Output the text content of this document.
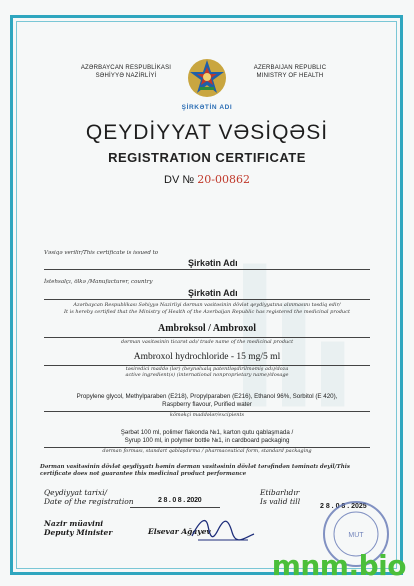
AZƏRBAYCAN RESPUBLİKASI
SƏHİYYƏ NAZİRLİYİ
AZERBAIJAN REPUBLIC
MINISTRY OF HEALTH
ŞİRKƏTİN ADI
QEYDİYYAT VƏSİQƏSİ
REGISTRATION CERTIFICATE
DV № 20-00862
Vəsiqə verilir/This certificate is issued to
Şirkətin Adı
İstehsalçı, ölkə /Manufacturer, country
Şirkətin Adı
Azərbaycan Respublikası Səhiyyə Nazirliyi dərman vasitəsinin dövlət qeydiyyatına alınmasını təsdiq edir/
It is hereby certified that the Ministry of Health of the Azerbaijan Republic has registered the medicinal product
Ambroksol / Ambroxol
dərman vasitəsinin ticarət adı/ trade name of the medicinal product
Ambroxol hydrochloride - 15 mg/5 ml
təsiredici maddə (lər) (beynəlxalq patentləşdirilməmiş adı)/doza
active ingredient(s) (international nonproprietary name)/dosage
Propylene glycol, Methylparaben (E218), Propylparaben (E216), Ethanol 96%, Sorbitol (E 420),
Raspberry flavour, Purified water
köməkçi maddələr/excipients
Şərbət 100 ml, polimer flakonda №1, karton qutu qablaşmada /
Syrup 100 ml, in polymer bottle №1, in cardboard packaging
dərman forması, standart qablaşdırma / pharmaceutical form, standard packaging
Dərman vasitəsinin dövlət qeydiyyatı həmin dərman vasitəsinin dövlət tərəfindən təminatı deyil/This certificate does not guarantee this medicinal product performance
Qeydiyyat tarixi/
Date of the registration	2 8 . 0 8 . 2020
Etibarlıdır
Is valid till
2 8 . 0 8 . 2025
Nazir müavini
Deputy Minister	Elsevar Ağayev	MÜT
mnm.bio
